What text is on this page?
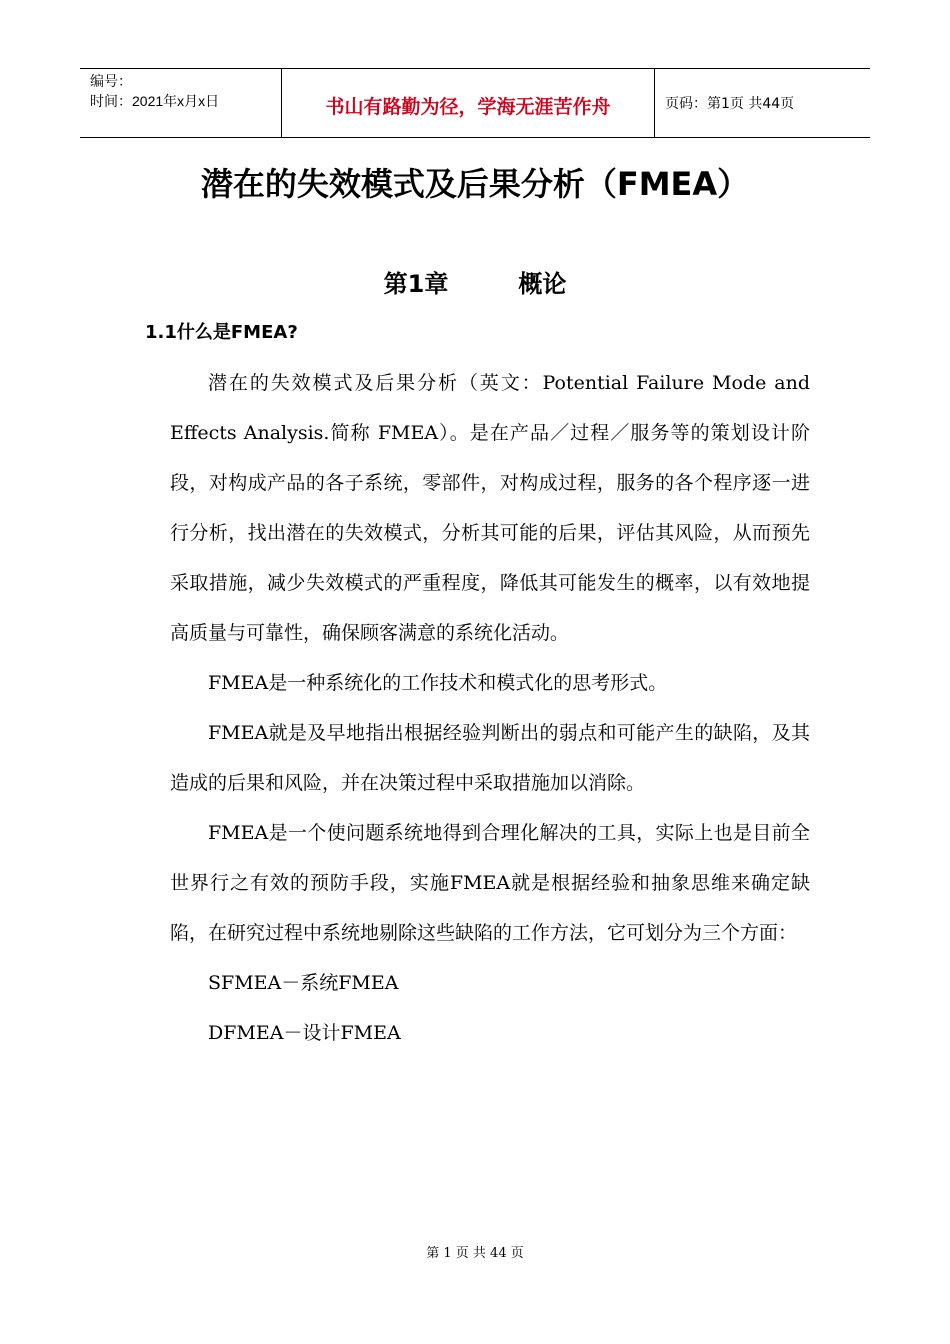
编号：
时间：2021年x月x日	书山有路勤为径，学海无涯苦作舟	页码：第1页 共44页
潜在的失效模式及后果分析（FMEA）
第1章	概论
1.1什么是FMEA?

潜在的失效模式及后果分析（英文：Potential Failure Mode and Effects Analysis.简称 FMEA）。是在产品／过程／服务等的策划设计阶段，对构成产品的各子系统，零部件，对构成过程，服务的各个程序逐一进行分析，找出潜在的失效模式，分析其可能的后果，评估其风险，从而预先采取措施，减少失效模式的严重程度，降低其可能发生的概率，以有效地提高质量与可靠性，确保顾客满意的系统化活动。

FMEA是一种系统化的工作技术和模式化的思考形式。

FMEA就是及早地指出根据经验判断出的弱点和可能产生的缺陷，及其造成的后果和风险，并在决策过程中采取措施加以消除。

FMEA是一个使问题系统地得到合理化解决的工具，实际上也是目前全世界行之有效的预防手段，实施FMEA就是根据经验和抽象思维来确定缺陷，在研究过程中系统地剔除这些缺陷的工作方法，它可划分为三个方面：

SFMEA－系统FMEA

DFMEA－设计FMEA

第 1 页 共 44 页
